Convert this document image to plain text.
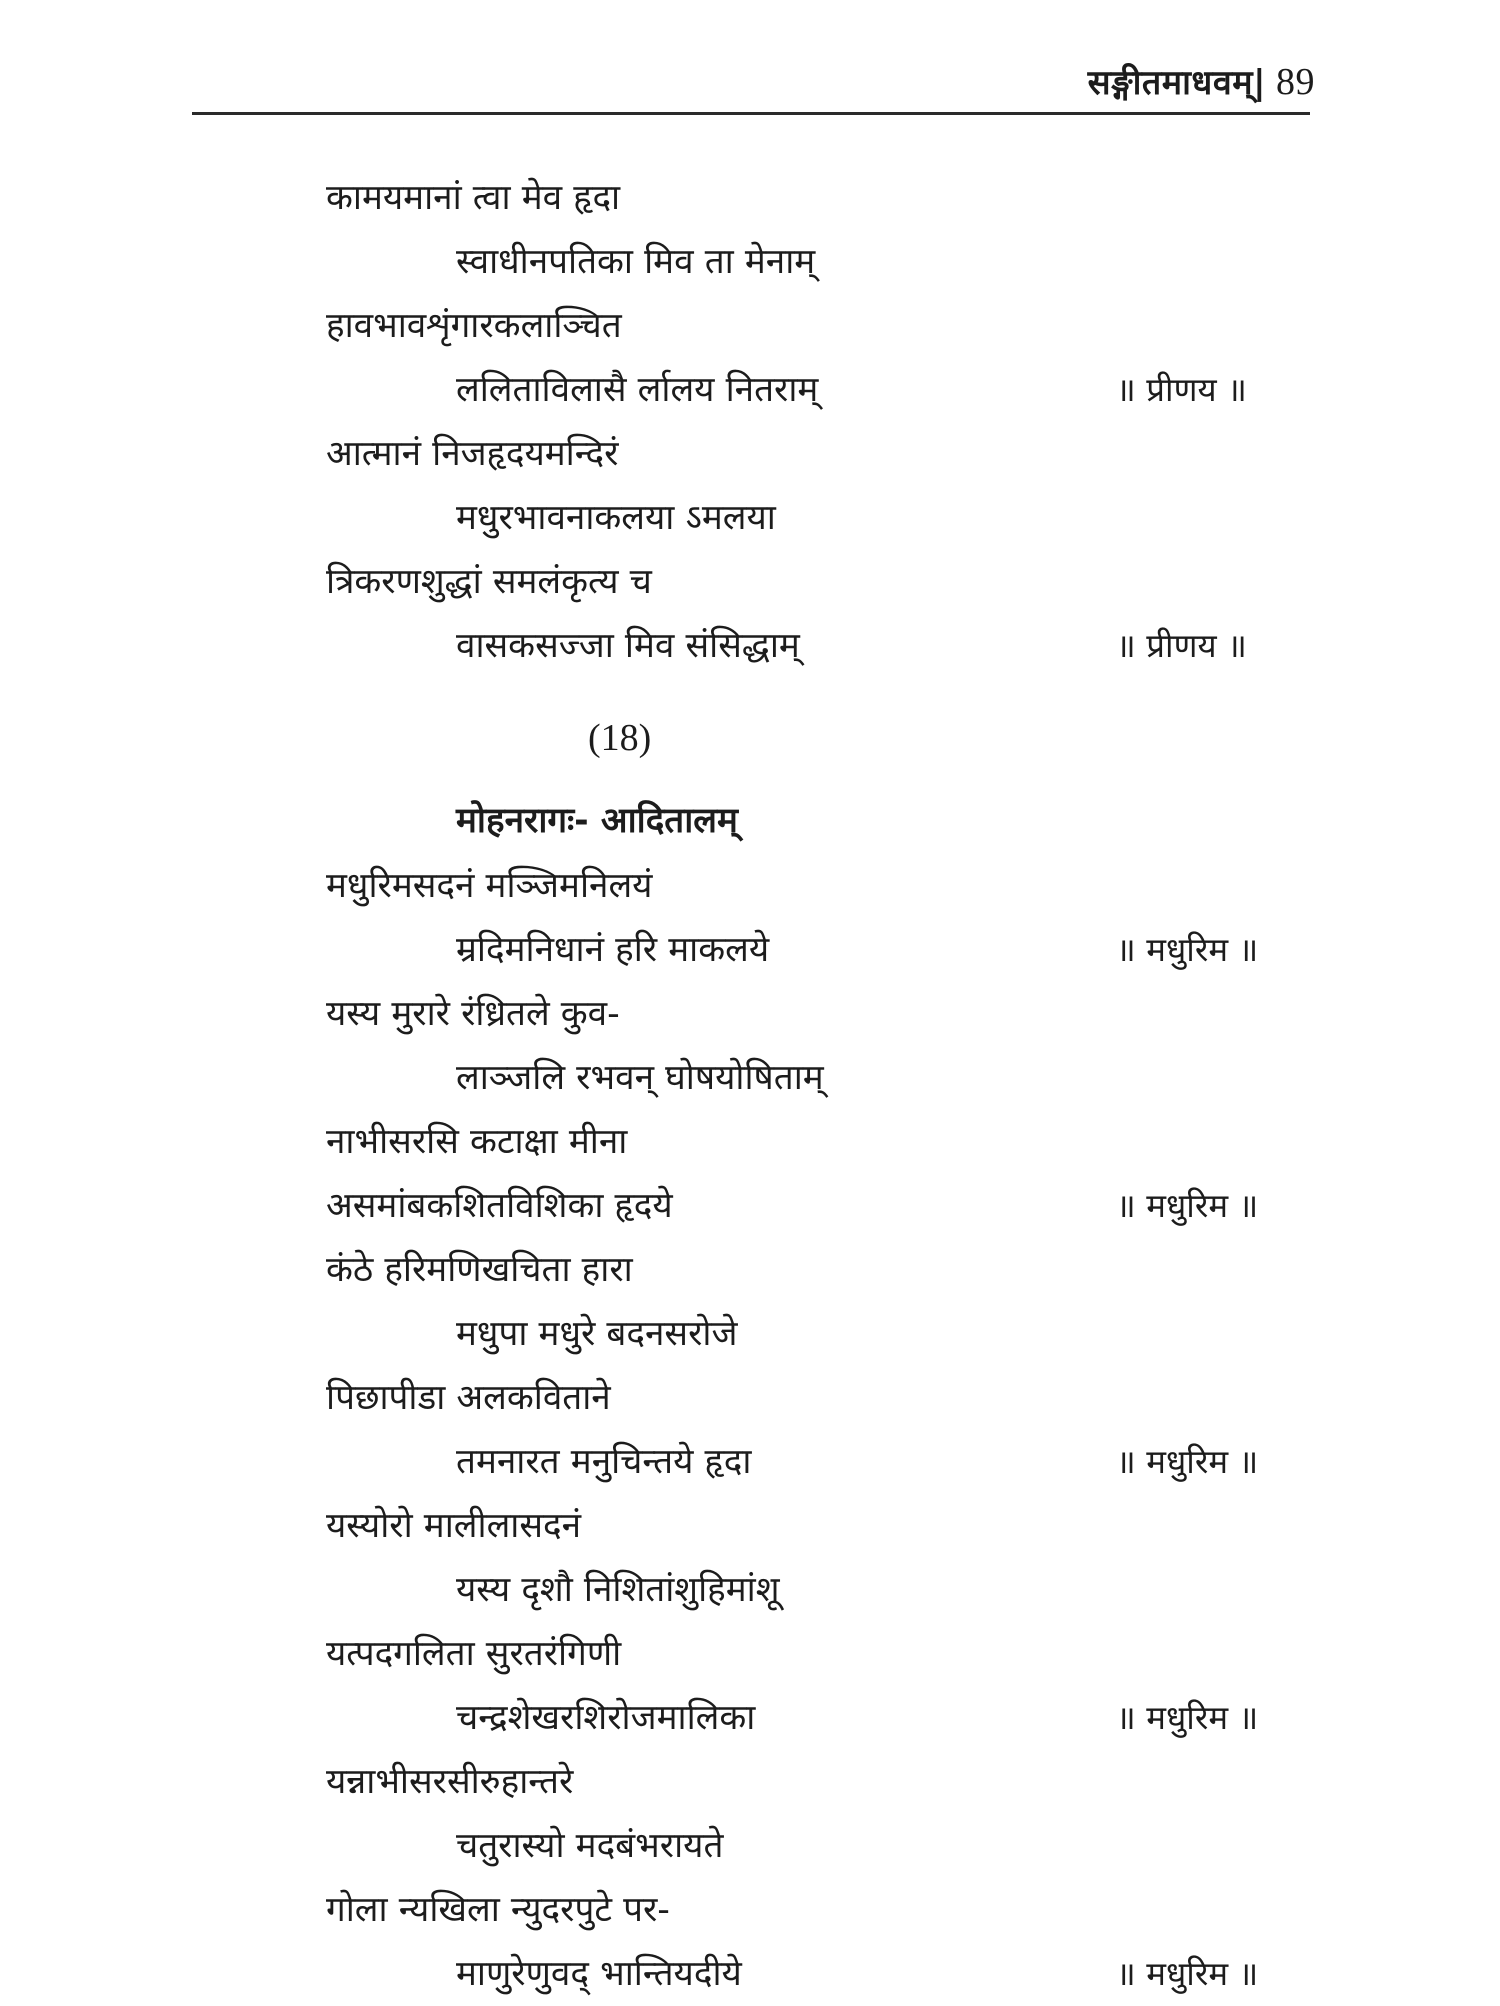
सङ्गीतमाधवम्| 89
कामयमानां त्वा मेव हृदा
स्वाधीनपतिका मिव ता मेनाम्
हावभावशृंगारकलाञ्चित
ललिताविलासै र्लालय नितराम्	॥ प्रीणय ॥
आत्मानं निजहृदयमन्दिरं
मधुरभावनाकलया ऽमलया
त्रिकरणशुद्धां समलंकृत्य च
वासकसज्जा मिव संसिद्धाम्	॥ प्रीणय ॥
(18)
मोहनरागः- आदितालम्
मधुरिमसदनं मञ्जिमनिलयं
म्रदिमनिधानं हरि माकलये	॥ मधुरिम ॥
यस्य मुरारे रंध्रितले कुव-
लाञ्जलि रभवन् घोषयोषिताम्
नाभीसरसि कटाक्षा मीना
असमांबकशितविशिका हृदये	॥ मधुरिम ॥
कंठे हरिमणिखचिता हारा
मधुपा मधुरे बदनसरोजे
पिछापीडा अलकविताने
तमनारत मनुचिन्तये हृदा	॥ मधुरिम ॥
यस्योरो मालीलासदनं
यस्य दृशौ निशितांशुहिमांशू
यत्पदगलिता सुरतरंगिणी
चन्द्रशेखरशिरोजमालिका	॥ मधुरिम ॥
यन्नाभीसरसीरुहान्तरे
चतुरास्यो मदबंभरायते
गोला न्यखिला न्युदरपुटे पर-
माणुरेणुवद् भान्तियदीये	॥ मधुरिम ॥
